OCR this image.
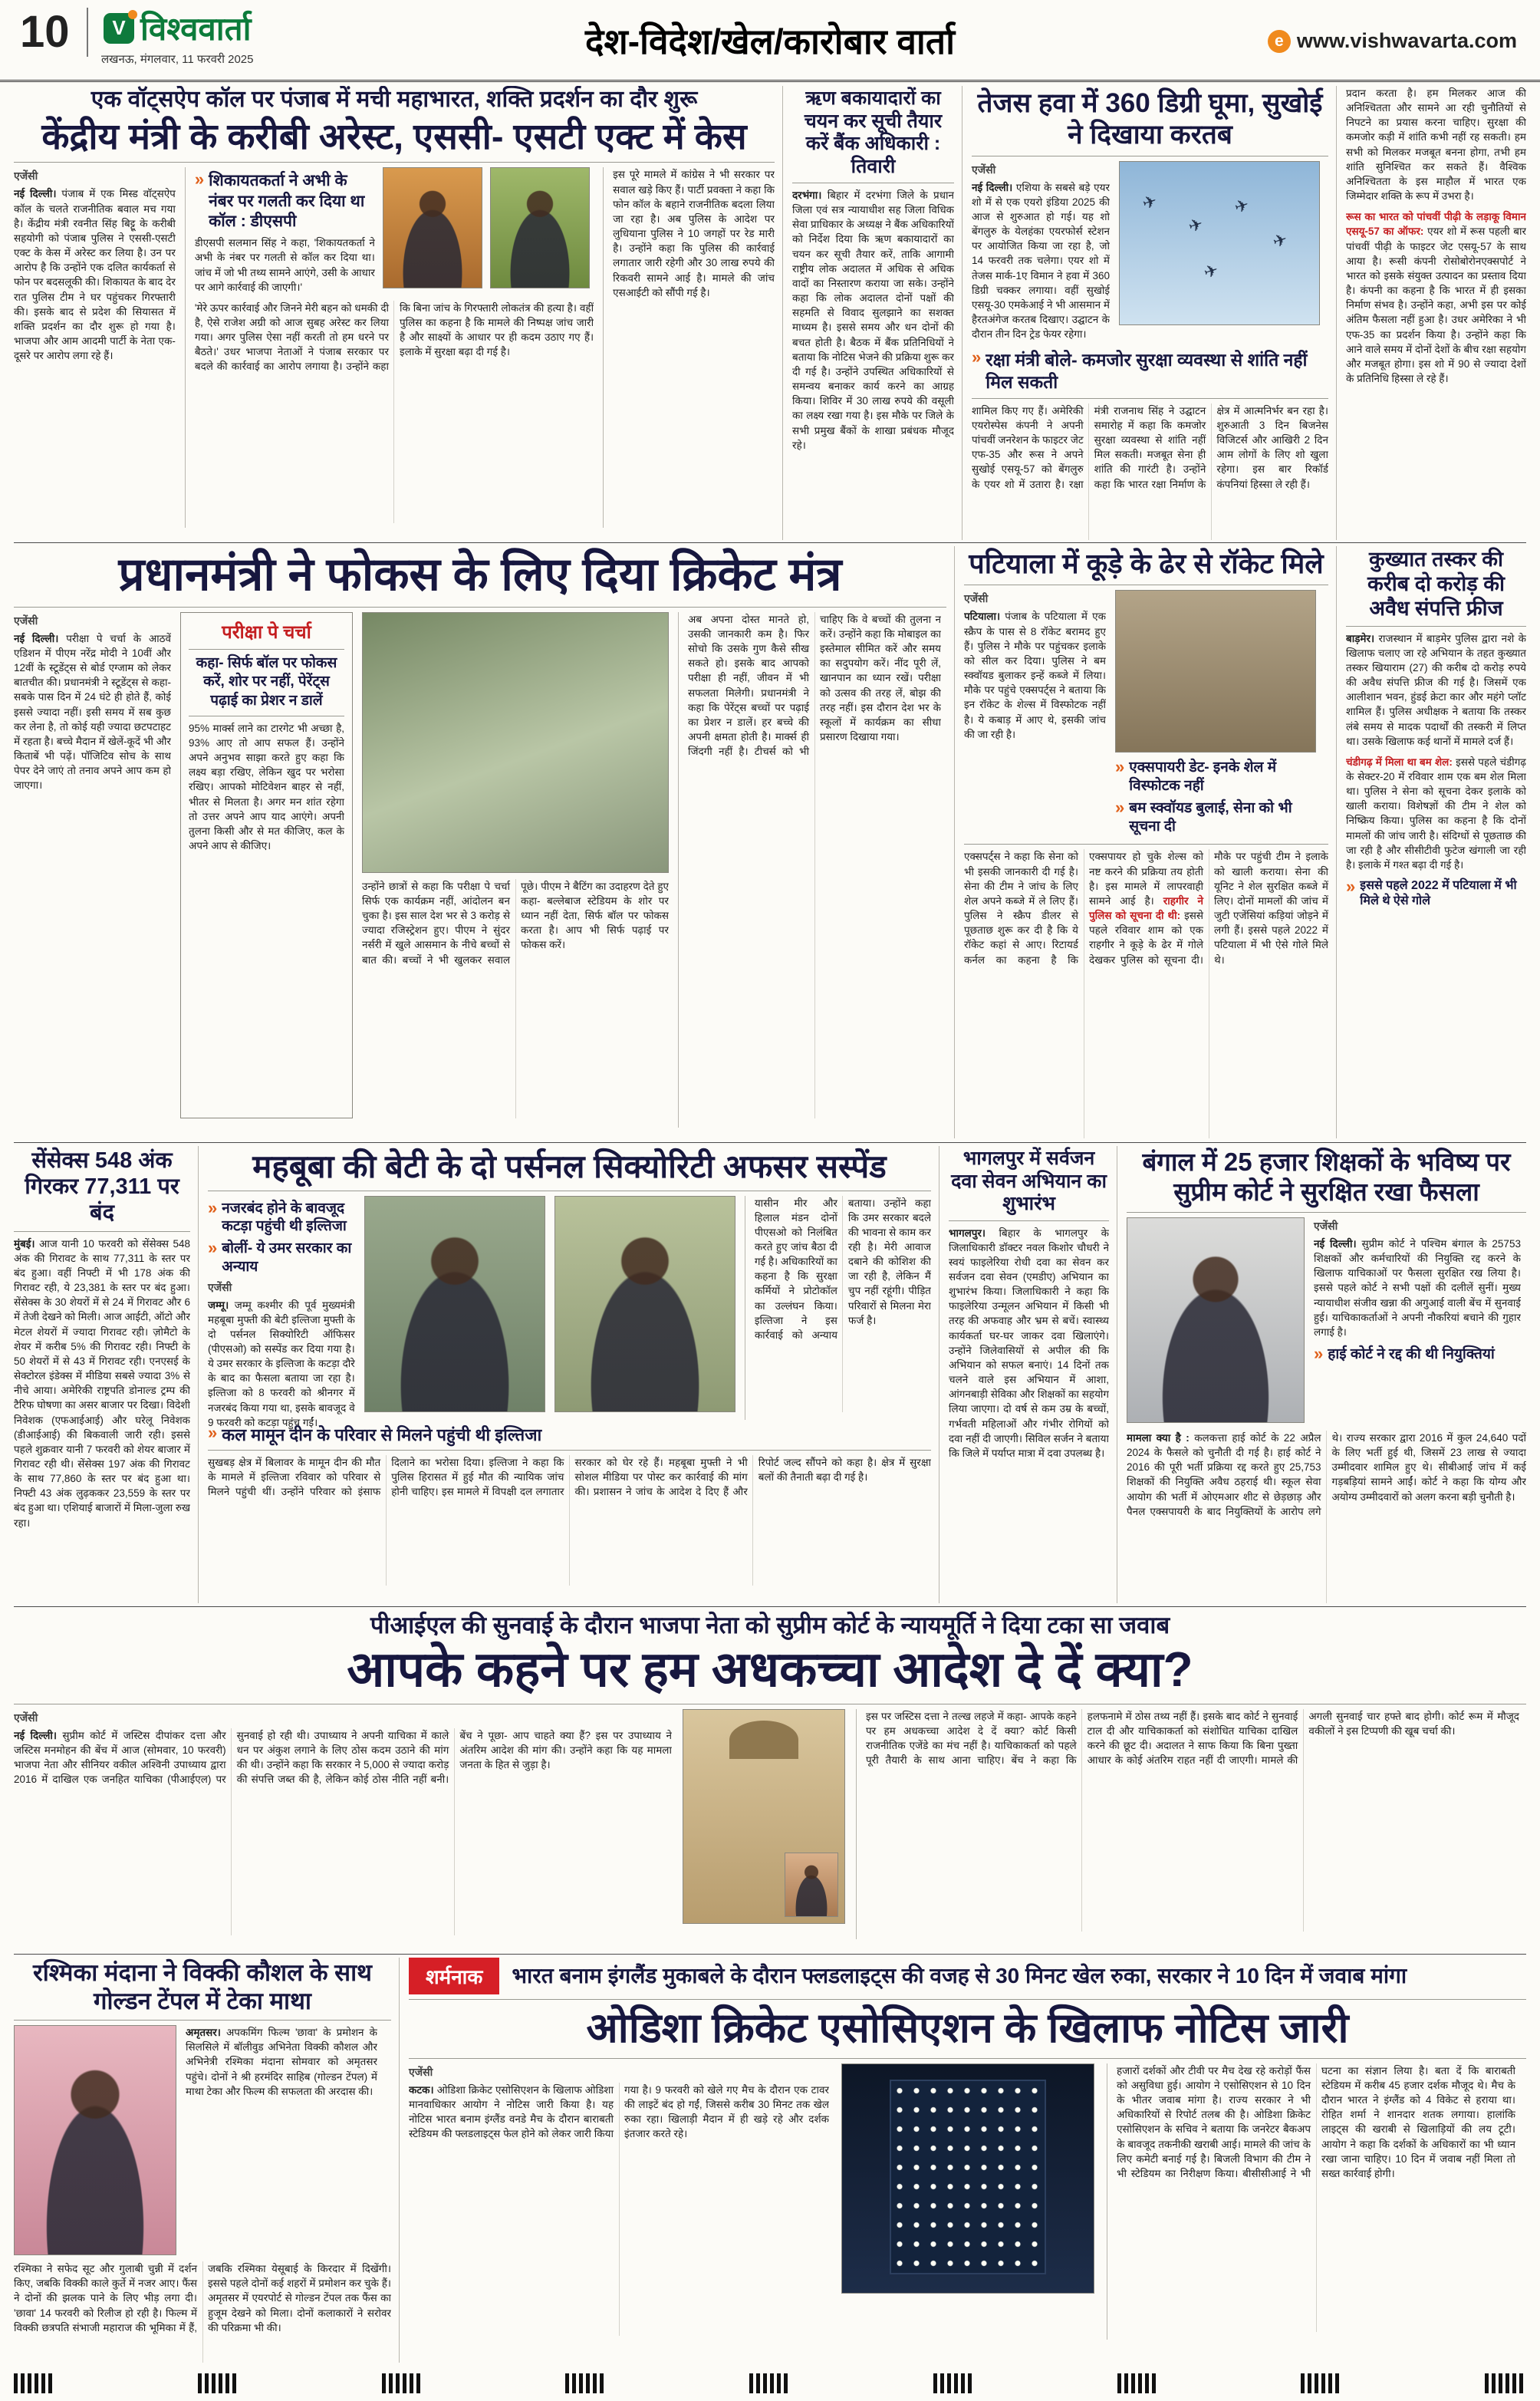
10	V विश्ववार्ता
लखनऊ, मंगलवार, 11 फरवरी 2025	देश-विदेश/खेल/कारोबार वार्ता	e www.vishwavarta.com
एक वॉट्सऐप कॉल पर पंजाब में मची महाभारत, शक्ति प्रदर्शन का दौर शुरू
केंद्रीय मंत्री के करीबी अरेस्ट, एससी- एसटी एक्ट में केस
एजेंसी

नई दिल्ली। पंजाब में एक मिस्ड वॉट्सऐप कॉल के चलते राजनीतिक बवाल मच गया है। केंद्रीय मंत्री रवनीत सिंह बिट्टू के करीबी सहयोगी को पंजाब पुलिस ने एससी-एसटी एक्ट के केस में अरेस्ट कर लिया है। उन पर आरोप है कि उन्होंने एक दलित कार्यकर्ता से फोन पर बदसलूकी की। शिकायत के बाद देर रात पुलिस टीम ने घर पहुंचकर गिरफ्तारी की। इसके बाद से प्रदेश की सियासत में शक्ति प्रदर्शन का दौर शुरू हो गया है। भाजपा और आम आदमी पार्टी के नेता एक-दूसरे पर आरोप लगा रहे हैं।

» शिकायतकर्ता ने अभी के नंबर पर गलती कर दिया था कॉल : डीएसपी

डीएसपी सलमान सिंह ने कहा, 'शिकायतकर्ता ने अभी के नंबर पर गलती से कॉल कर दिया था। जांच में जो भी तथ्य सामने आएंगे, उसी के आधार पर आगे कार्रवाई की जाएगी।'

'मेरे ऊपर कार्रवाई और जिनने मेरी बहन को धमकी दी है, ऐसे राजेश अग्री को आज सुबह अरेस्ट कर लिया गया। अगर पुलिस ऐसा नहीं करती तो हम धरने पर बैठते।' उधर भाजपा नेताओं ने पंजाब सरकार पर बदले की कार्रवाई का आरोप लगाया है। उन्होंने कहा कि बिना जांच के गिरफ्तारी लोकतंत्र की हत्या है। वहीं पुलिस का कहना है कि मामले की निष्पक्ष जांच जारी है और साक्ष्यों के आधार पर ही कदम उठाए गए हैं। इलाके में सुरक्षा बढ़ा दी गई है।

इस पूरे मामले में कांग्रेस ने भी सरकार पर सवाल खड़े किए हैं। पार्टी प्रवक्ता ने कहा कि फोन कॉल के बहाने राजनीतिक बदला लिया जा रहा है। अब पुलिस के आदेश पर लुधियाना पुलिस ने 10 जगहों पर रेड मारी है। उन्होंने कहा कि पुलिस की कार्रवाई लगातार जारी रहेगी और 30 लाख रुपये की रिकवरी सामने आई है। मामले की जांच एसआईटी को सौंपी गई है।

ऋण बकायादारों का चयन कर सूची तैयार करें बैंक अधिकारी : तिवारी

दरभंगा। बिहार में दरभंगा जिले के प्रधान जिला एवं सत्र न्यायाधीश सह जिला विधिक सेवा प्राधिकार के अध्यक्ष ने बैंक अधिकारियों को निर्देश दिया कि ऋण बकायादारों का चयन कर सूची तैयार करें, ताकि आगामी राष्ट्रीय लोक अदालत में अधिक से अधिक वादों का निस्तारण कराया जा सके। उन्होंने कहा कि लोक अदालत दोनों पक्षों की सहमति से विवाद सुलझाने का सशक्त माध्यम है। इससे समय और धन दोनों की बचत होती है। बैठक में बैंक प्रतिनिधियों ने बताया कि नोटिस भेजने की प्रक्रिया शुरू कर दी गई है। उन्होंने उपस्थित अधिकारियों से समन्वय बनाकर कार्य करने का आग्रह किया। शिविर में 30 लाख रुपये की वसूली का लक्ष्य रखा गया है। इस मौके पर जिले के सभी प्रमुख बैंकों के शाखा प्रबंधक मौजूद रहे।

तेजस हवा में 360 डिग्री घूमा, सुखोई ने दिखाया करतब
एजेंसी

नई दिल्ली। एशिया के सबसे बड़े एयर शो में से एक एयरो इंडिया 2025 की आज से शुरुआत हो गई। यह शो बेंगलुरु के येलहंका एयरफोर्स स्टेशन पर आयोजित किया जा रहा है, जो 14 फरवरी तक चलेगा। एयर शो में तेजस मार्क-1ए विमान ने हवा में 360 डिग्री चक्कर लगाया। वहीं सुखोई एसयू-30 एमकेआई ने भी आसमान में हैरतअंगेज करतब दिखाए। उद्घाटन के दौरान तीन दिन ट्रेड फेयर रहेगा।

✈
✈
✈
✈
✈
» रक्षा मंत्री बोले- कमजोर सुरक्षा व्यवस्था से शांति नहीं मिल सकती
शामिल किए गए हैं। अमेरिकी एयरोस्पेस कंपनी ने अपनी पांचवीं जनरेशन के फाइटर जेट एफ-35 और रूस ने अपने सुखोई एसयू-57 को बेंगलुरु के एयर शो में उतारा है। रक्षा मंत्री राजनाथ सिंह ने उद्घाटन समारोह में कहा कि कमजोर सुरक्षा व्यवस्था से शांति नहीं मिल सकती। मजबूत सेना ही शांति की गारंटी है। उन्होंने कहा कि भारत रक्षा निर्माण के क्षेत्र में आत्मनिर्भर बन रहा है। शुरुआती 3 दिन बिजनेस विजिटर्स और आखिरी 2 दिन आम लोगों के लिए शो खुला रहेगा। इस बार रिकॉर्ड कंपनियां हिस्सा ले रही हैं।

प्रदान करता है। हम मिलकर आज की अनिश्चितता और सामने आ रही चुनौतियों से निपटने का प्रयास करना चाहिए। सुरक्षा की कमजोर कड़ी में शांति कभी नहीं रह सकती। हम सभी को मिलकर मजबूत बनना होगा, तभी हम शांति सुनिश्चित कर सकते हैं। वैश्विक अनिश्चितता के इस माहौल में भारत एक जिम्मेदार शक्ति के रूप में उभरा है।

रूस का भारत को पांचवीं पीढ़ी के लड़ाकू विमान एसयू-57 का ऑफर: एयर शो में रूस पहली बार पांचवीं पीढ़ी के फाइटर जेट एसयू-57 के साथ आया है। रूसी कंपनी रोसोबोरोनएक्सपोर्ट ने भारत को इसके संयुक्त उत्पादन का प्रस्ताव दिया है। कंपनी का कहना है कि भारत में ही इसका निर्माण संभव है। उन्होंने कहा, अभी इस पर कोई अंतिम फैसला नहीं हुआ है। उधर अमेरिका ने भी एफ-35 का प्रदर्शन किया है। उन्होंने कहा कि आने वाले समय में दोनों देशों के बीच रक्षा सहयोग और मजबूत होगा। इस शो में 90 से ज्यादा देशों के प्रतिनिधि हिस्सा ले रहे हैं।

प्रधानमंत्री ने फोकस के लिए दिया क्रिकेट मंत्र
एजेंसी

नई दिल्ली। परीक्षा पे चर्चा के आठवें एडिशन में पीएम नरेंद्र मोदी ने 10वीं और 12वीं के स्टूडेंट्स से बोर्ड एग्जाम को लेकर बातचीत की। प्रधानमंत्री ने स्टूडेंट्स से कहा- सबके पास दिन में 24 घंटे ही होते हैं, कोई इससे ज्यादा नहीं। इसी समय में सब कुछ कर लेना है, तो कोई यही ज्यादा छटपटाहट में रहता है। बच्चे मैदान में खेलें-कूदें भी और किताबें भी पढ़ें। पॉजिटिव सोच के साथ पेपर देने जाएं तो तनाव अपने आप कम हो जाएगा।

परीक्षा पे चर्चा
कहा- सिर्फ बॉल पर फोकस करें, शोर पर नहीं, पेरेंट्स पढ़ाई का प्रेशर न डालें

95% मार्क्स लाने का टारगेट भी अच्छा है, 93% आए तो आप सफल हैं। उन्होंने अपने अनुभव साझा करते हुए कहा कि लक्ष्य बड़ा रखिए, लेकिन खुद पर भरोसा रखिए। आपको मोटिवेशन बाहर से नहीं, भीतर से मिलता है। अगर मन शांत रहेगा तो उत्तर अपने आप याद आएंगे। अपनी तुलना किसी और से मत कीजिए, कल के अपने आप से कीजिए।

उन्होंने छात्रों से कहा कि परीक्षा पे चर्चा सिर्फ एक कार्यक्रम नहीं, आंदोलन बन चुका है। इस साल देश भर से 3 करोड़ से ज्यादा रजिस्ट्रेशन हुए। पीएम ने सुंदर नर्सरी में खुले आसमान के नीचे बच्चों से बात की। बच्चों ने भी खुलकर सवाल पूछे। पीएम ने बैटिंग का उदाहरण देते हुए कहा- बल्लेबाज स्टेडियम के शोर पर ध्यान नहीं देता, सिर्फ बॉल पर फोकस करता है। आप भी सिर्फ पढ़ाई पर फोकस करें।
अब अपना दोस्त मानते हो, उसकी जानकारी कम है। फिर सोचो कि उसके गुण कैसे सीख सकते हो। इसके बाद आपको परीक्षा ही नहीं, जीवन में भी सफलता मिलेगी। प्रधानमंत्री ने कहा कि पेरेंट्स बच्चों पर पढ़ाई का प्रेशर न डालें। हर बच्चे की अपनी क्षमता होती है। मार्क्स ही जिंदगी नहीं है। टीचर्स को भी चाहिए कि वे बच्चों की तुलना न करें। उन्होंने कहा कि मोबाइल का इस्तेमाल सीमित करें और समय का सदुपयोग करें। नींद पूरी लें, खानपान का ध्यान रखें। परीक्षा को उत्सव की तरह लें, बोझ की तरह नहीं। इस दौरान देश भर के स्कूलों में कार्यक्रम का सीधा प्रसारण दिखाया गया।
पटियाला में कूड़े के ढेर से रॉकेट मिले
एजेंसी

पटियाला। पंजाब के पटियाला में एक स्क्रैप के पास से 8 रॉकेट बरामद हुए हैं। पुलिस ने मौके पर पहुंचकर इलाके को सील कर दिया। पुलिस ने बम स्क्वॉयड बुलाकर इन्हें कब्जे में लिया। मौके पर पहुंचे एक्सपर्ट्स ने बताया कि इन रॉकेट के शेल्स में विस्फोटक नहीं है। ये कबाड़ में आए थे, इसकी जांच की जा रही है।

» एक्सपायरी डेट- इनके शेल में विस्फोटक नहीं
» बम स्क्वॉयड बुलाई, सेना को भी सूचना दी
एक्सपर्ट्स ने कहा कि सेना को भी इसकी जानकारी दी गई है। सेना की टीम ने जांच के लिए शेल अपने कब्जे में ले लिए हैं। पुलिस ने स्क्रैप डीलर से पूछताछ शुरू कर दी है कि ये रॉकेट कहां से आए। रिटायर्ड कर्नल का कहना है कि एक्सपायर हो चुके शेल्स को नष्ट करने की प्रक्रिया तय होती है। इस मामले में लापरवाही सामने आई है। राहगीर ने पुलिस को सूचना दी थी: इससे पहले रविवार शाम को एक राहगीर ने कूड़े के ढेर में गोले देखकर पुलिस को सूचना दी। मौके पर पहुंची टीम ने इलाके को खाली कराया। सेना की यूनिट ने शेल सुरक्षित कब्जे में लिए। दोनों मामलों की जांच में जुटी एजेंसियां कड़ियां जोड़ने में लगी हैं। इससे पहले 2022 में पटियाला में भी ऐसे गोले मिले थे।
कुख्यात तस्कर की करीब दो करोड़ की अवैध संपत्ति फ्रीज

बाड़मेर। राजस्थान में बाड़मेर पुलिस द्वारा नशे के खिलाफ चलाए जा रहे अभियान के तहत कुख्यात तस्कर खियाराम (27) की करीब दो करोड़ रुपये की अवैध संपत्ति फ्रीज की गई है। जिसमें एक आलीशान भवन, हुंडई क्रेटा कार और महंगे प्लॉट शामिल हैं। पुलिस अधीक्षक ने बताया कि तस्कर लंबे समय से मादक पदार्थों की तस्करी में लिप्त था। उसके खिलाफ कई थानों में मामले दर्ज हैं।

चंडीगढ़ में मिला था बम शेल: इससे पहले चंडीगढ़ के सेक्टर-20 में रविवार शाम एक बम शेल मिला था। पुलिस ने सेना को सूचना देकर इलाके को खाली कराया। विशेषज्ञों की टीम ने शेल को निष्क्रिय किया। पुलिस का कहना है कि दोनों मामलों की जांच जारी है। संदिग्धों से पूछताछ की जा रही है और सीसीटीवी फुटेज खंगाली जा रही है। इलाके में गश्त बढ़ा दी गई है।

» इससे पहले 2022 में पटियाला में भी मिले थे ऐसे गोले
सेंसेक्स 548 अंक गिरकर 77,311 पर बंद

मुंबई। आज यानी 10 फरवरी को सेंसेक्स 548 अंक की गिरावट के साथ 77,311 के स्तर पर बंद हुआ। वहीं निफ्टी में भी 178 अंक की गिरावट रही, ये 23,381 के स्तर पर बंद हुआ। सेंसेक्स के 30 शेयरों में से 24 में गिरावट और 6 में तेजी देखने को मिली। आज आईटी, ऑटो और मेटल शेयरों में ज्यादा गिरावट रही। ज़ोमैटो के शेयर में करीब 5% की गिरावट रही। निफ्टी के 50 शेयरों में से 43 में गिरावट रही। एनएसई के सेक्टोरल इंडेक्स में मीडिया सबसे ज्यादा 3% से नीचे आया। अमेरिकी राष्ट्रपति डोनाल्ड ट्रम्प की टैरिफ घोषणा का असर बाजार पर दिखा। विदेशी निवेशक (एफआईआई) और घरेलू निवेशक (डीआईआई) की बिकवाली जारी रही। इससे पहले शुक्रवार यानी 7 फरवरी को शेयर बाजार में गिरावट रही थी। सेंसेक्स 197 अंक की गिरावट के साथ 77,860 के स्तर पर बंद हुआ था। निफ्टी 43 अंक लुढ़ककर 23,559 के स्तर पर बंद हुआ था। एशियाई बाजारों में मिला-जुला रुख रहा।

महबूबा की बेटी के दो पर्सनल सिक्योरिटी अफसर सस्पेंड
» नजरबंद होने के बावजूद कटड़ा पहुंची थी इल्तिजा
» बोलीं- ये उमर सरकार का अन्याय
एजेंसी

जम्मू। जम्मू कश्मीर की पूर्व मुख्यमंत्री महबूबा मुफ्ती की बेटी इल्तिजा मुफ्ती के दो पर्सनल सिक्योरिटी ऑफिसर (पीएसओ) को सस्पेंड कर दिया गया है। ये उमर सरकार के इल्तिजा के कटड़ा दौरे के बाद का फैसला बताया जा रहा है। इल्तिजा को 8 फरवरी को श्रीनगर में नजरबंद किया गया था, इसके बावजूद वे 9 फरवरी को कटड़ा पहुंच गईं।

यासीन मीर और हिलाल मंडन दोनों पीएसओ को निलंबित करते हुए जांच बैठा दी गई है। अधिकारियों का कहना है कि सुरक्षा कर्मियों ने प्रोटोकॉल का उल्लंघन किया। इल्तिजा ने इस कार्रवाई को अन्याय बताया। उन्होंने कहा कि उमर सरकार बदले की भावना से काम कर रही है। मेरी आवाज दबाने की कोशिश की जा रही है, लेकिन मैं चुप नहीं रहूंगी। पीड़ित परिवारों से मिलना मेरा फर्ज है।
» कल मामून दीन के परिवार से मिलने पहुंची थी इल्तिजा
सुखबड़ क्षेत्र में बिलावर के मामून दीन की मौत के मामले में इल्तिजा रविवार को परिवार से मिलने पहुंची थीं। उन्होंने परिवार को इंसाफ दिलाने का भरोसा दिया। इल्तिजा ने कहा कि पुलिस हिरासत में हुई मौत की न्यायिक जांच होनी चाहिए। इस मामले में विपक्षी दल लगातार सरकार को घेर रहे हैं। महबूबा मुफ्ती ने भी सोशल मीडिया पर पोस्ट कर कार्रवाई की मांग की। प्रशासन ने जांच के आदेश दे दिए हैं और रिपोर्ट जल्द सौंपने को कहा है। क्षेत्र में सुरक्षा बलों की तैनाती बढ़ा दी गई है।
भागलपुर में सर्वजन दवा सेवन अभियान का शुभारंभ

भागलपुर। बिहार के भागलपुर के जिलाधिकारी डॉक्टर नवल किशोर चौधरी ने स्वयं फाइलेरिया रोधी दवा का सेवन कर सर्वजन दवा सेवन (एमडीए) अभियान का शुभारंभ किया। जिलाधिकारी ने कहा कि फाइलेरिया उन्मूलन अभियान में किसी भी तरह की अफवाह और भ्रम से बचें। स्वास्थ्य कार्यकर्ता घर-घर जाकर दवा खिलाएंगे। उन्होंने जिलेवासियों से अपील की कि अभियान को सफल बनाएं। 14 दिनों तक चलने वाले इस अभियान में आशा, आंगनबाड़ी सेविका और शिक्षकों का सहयोग लिया जाएगा। दो वर्ष से कम उम्र के बच्चों, गर्भवती महिलाओं और गंभीर रोगियों को दवा नहीं दी जाएगी। सिविल सर्जन ने बताया कि जिले में पर्याप्त मात्रा में दवा उपलब्ध है।

बंगाल में 25 हजार शिक्षकों के भविष्य पर सुप्रीम कोर्ट ने सुरक्षित रखा फैसला
एजेंसी

नई दिल्ली। सुप्रीम कोर्ट ने पश्चिम बंगाल के 25753 शिक्षकों और कर्मचारियों की नियुक्ति रद्द करने के खिलाफ याचिकाओं पर फैसला सुरक्षित रख लिया है। इससे पहले कोर्ट ने सभी पक्षों की दलीलें सुनीं। मुख्य न्यायाधीश संजीव खन्ना की अगुआई वाली बेंच में सुनवाई हुई। याचिकाकर्ताओं ने अपनी नौकरियां बचाने की गुहार लगाई है।

» हाई कोर्ट ने रद्द की थी नियुक्तियां
मामला क्या है : कलकत्ता हाई कोर्ट के 22 अप्रैल 2024 के फैसले को चुनौती दी गई है। हाई कोर्ट ने 2016 की पूरी भर्ती प्रक्रिया रद्द करते हुए 25,753 शिक्षकों की नियुक्ति अवैध ठहराई थी। स्कूल सेवा आयोग की भर्ती में ओएमआर शीट से छेड़छाड़ और पैनल एक्सपायरी के बाद नियुक्तियों के आरोप लगे थे। राज्य सरकार द्वारा 2016 में कुल 24,640 पदों के लिए भर्ती हुई थी, जिसमें 23 लाख से ज्यादा उम्मीदवार शामिल हुए थे। सीबीआई जांच में कई गड़बड़ियां सामने आईं। कोर्ट ने कहा कि योग्य और अयोग्य उम्मीदवारों को अलग करना बड़ी चुनौती है।
पीआईएल की सुनवाई के दौरान भाजपा नेता को सुप्रीम कोर्ट के न्यायमूर्ति ने दिया टका सा जवाब
आपके कहने पर हम अधकच्चा आदेश दे दें क्या?
एजेंसी
नई दिल्ली। सुप्रीम कोर्ट में जस्टिस दीपांकर दत्ता और जस्टिस मनमोहन की बेंच में आज (सोमवार, 10 फरवरी) भाजपा नेता और सीनियर वकील अश्विनी उपाध्याय द्वारा 2016 में दाखिल एक जनहित याचिका (पीआईएल) पर सुनवाई हो रही थी। उपाध्याय ने अपनी याचिका में काले धन पर अंकुश लगाने के लिए ठोस कदम उठाने की मांग की थी। उन्होंने कहा कि सरकार ने 5,000 से ज्यादा करोड़ की संपत्ति जब्त की है, लेकिन कोई ठोस नीति नहीं बनी। बेंच ने पूछा- आप चाहते क्या हैं? इस पर उपाध्याय ने अंतरिम आदेश की मांग की। उन्होंने कहा कि यह मामला जनता के हित से जुड़ा है।
इस पर जस्टिस दत्ता ने तल्ख लहजे में कहा- आपके कहने पर हम अधकच्चा आदेश दे दें क्या? कोर्ट किसी राजनीतिक एजेंडे का मंच नहीं है। याचिकाकर्ता को पहले पूरी तैयारी के साथ आना चाहिए। बेंच ने कहा कि हलफनामे में ठोस तथ्य नहीं हैं। इसके बाद कोर्ट ने सुनवाई टाल दी और याचिकाकर्ता को संशोधित याचिका दाखिल करने की छूट दी। अदालत ने साफ किया कि बिना पुख्ता आधार के कोई अंतरिम राहत नहीं दी जाएगी। मामले की अगली सुनवाई चार हफ्ते बाद होगी। कोर्ट रूम में मौजूद वकीलों ने इस टिप्पणी की खूब चर्चा की।
रश्मिका मंदाना ने विक्की कौशल के साथ गोल्डन टेंपल में टेका माथा

अमृतसर। अपकमिंग फिल्म 'छावा' के प्रमोशन के सिलसिले में बॉलीवुड अभिनेता विक्की कौशल और अभिनेत्री रश्मिका मंदाना सोमवार को अमृतसर पहुंचे। दोनों ने श्री हरमंदिर साहिब (गोल्डन टेंपल) में माथा टेका और फिल्म की सफलता की अरदास की।

रश्मिका ने सफेद सूट और गुलाबी चुन्नी में दर्शन किए, जबकि विक्की काले कुर्ते में नजर आए। फैंस ने दोनों की झलक पाने के लिए भीड़ लगा दी। 'छावा' 14 फरवरी को रिलीज हो रही है। फिल्म में विक्की छत्रपति संभाजी महाराज की भूमिका में हैं, जबकि रश्मिका येसूबाई के किरदार में दिखेंगी। इससे पहले दोनों कई शहरों में प्रमोशन कर चुके हैं। अमृतसर में एयरपोर्ट से गोल्डन टेंपल तक फैंस का हुजूम देखने को मिला। दोनों कलाकारों ने सरोवर की परिक्रमा भी की।
शर्मनाक	भारत बनाम इंगलैंड मुकाबले के दौरान फ्लडलाइट्स की वजह से 30 मिनट खेल रुका, सरकार ने 10 दिन में जवाब मांगा
ओडिशा क्रिकेट एसोसिएशन के खिलाफ नोटिस जारी
एजेंसी
कटक। ओडिशा क्रिकेट एसोसिएशन के खिलाफ ओडिशा मानवाधिकार आयोग ने नोटिस जारी किया है। यह नोटिस भारत बनाम इंग्लैंड वनडे मैच के दौरान बाराबती स्टेडियम की फ्लडलाइट्स फेल होने को लेकर जारी किया गया है। 9 फरवरी को खेले गए मैच के दौरान एक टावर की लाइटें बंद हो गईं, जिससे करीब 30 मिनट तक खेल रुका रहा। खिलाड़ी मैदान में ही खड़े रहे और दर्शक इंतजार करते रहे।
हजारों दर्शकों और टीवी पर मैच देख रहे करोड़ों फैंस को असुविधा हुई। आयोग ने एसोसिएशन से 10 दिन के भीतर जवाब मांगा है। राज्य सरकार ने भी अधिकारियों से रिपोर्ट तलब की है। ओडिशा क्रिकेट एसोसिएशन के सचिव ने बताया कि जनरेटर बैकअप के बावजूद तकनीकी खराबी आई। मामले की जांच के लिए कमेटी बनाई गई है। बिजली विभाग की टीम ने भी स्टेडियम का निरीक्षण किया। बीसीसीआई ने भी घटना का संज्ञान लिया है। बता दें कि बाराबती स्टेडियम में करीब 45 हजार दर्शक मौजूद थे। मैच के दौरान भारत ने इंग्लैंड को 4 विकेट से हराया था। रोहित शर्मा ने शानदार शतक लगाया। हालांकि लाइट्स की खराबी से खिलाड़ियों की लय टूटी। आयोग ने कहा कि दर्शकों के अधिकारों का भी ध्यान रखा जाना चाहिए। 10 दिन में जवाब नहीं मिला तो सख्त कार्रवाई होगी।
